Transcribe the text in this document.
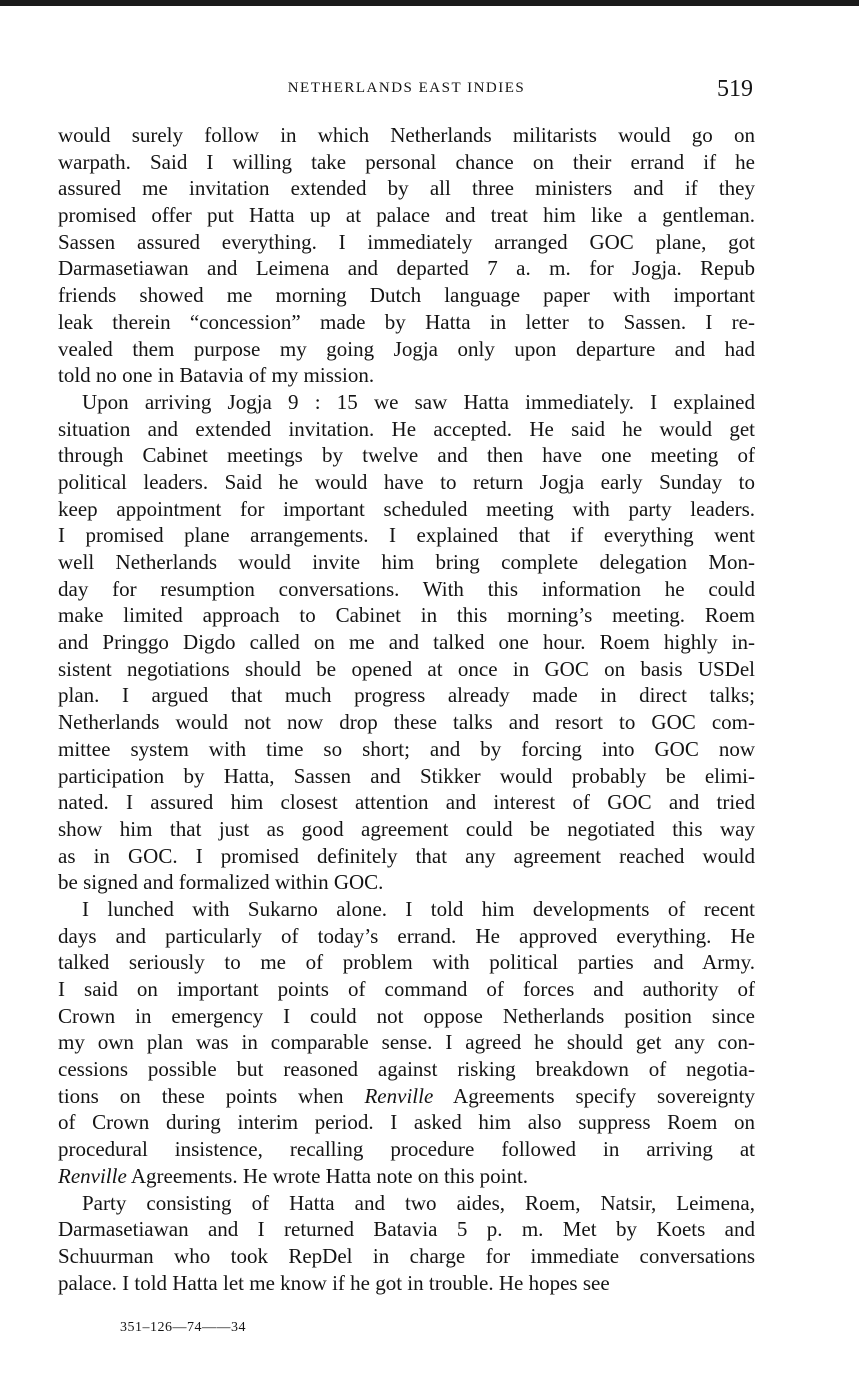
NETHERLANDS EAST INDIES	519
would surely follow in which Netherlands militarists would go on
warpath. Said I willing take personal chance on their errand if he
assured me invitation extended by all three ministers and if they
promised offer put Hatta up at palace and treat him like a gentleman.
Sassen assured everything. I immediately arranged GOC plane, got
Darmasetiawan and Leimena and departed 7 a. m. for Jogja. Repub
friends showed me morning Dutch language paper with important
leak therein “concession” made by Hatta in letter to Sassen. I re-
vealed them purpose my going Jogja only upon departure and had
told no one in Batavia of my mission.
Upon arriving Jogja 9 : 15 we saw Hatta immediately. I explained
situation and extended invitation. He accepted. He said he would get
through Cabinet meetings by twelve and then have one meeting of
political leaders. Said he would have to return Jogja early Sunday to
keep appointment for important scheduled meeting with party leaders.
I promised plane arrangements. I explained that if everything went
well Netherlands would invite him bring complete delegation Mon-
day for resumption conversations. With this information he could
make limited approach to Cabinet in this morning’s meeting. Roem
and Pringgo Digdo called on me and talked one hour. Roem highly in-
sistent negotiations should be opened at once in GOC on basis USDel
plan. I argued that much progress already made in direct talks;
Netherlands would not now drop these talks and resort to GOC com-
mittee system with time so short; and by forcing into GOC now
participation by Hatta, Sassen and Stikker would probably be elimi-
nated. I assured him closest attention and interest of GOC and tried
show him that just as good agreement could be negotiated this way
as in GOC. I promised definitely that any agreement reached would
be signed and formalized within GOC.
I lunched with Sukarno alone. I told him developments of recent
days and particularly of today’s errand. He approved everything. He
talked seriously to me of problem with political parties and Army.
I said on important points of command of forces and authority of
Crown in emergency I could not oppose Netherlands position since
my own plan was in comparable sense. I agreed he should get any con-
cessions possible but reasoned against risking breakdown of negotia-
tions on these points when Renville Agreements specify sovereignty
of Crown during interim period. I asked him also suppress Roem on
procedural insistence, recalling procedure followed in arriving at
Renville Agreements. He wrote Hatta note on this point.
Party consisting of Hatta and two aides, Roem, Natsir, Leimena,
Darmasetiawan and I returned Batavia 5 p. m. Met by Koets and
Schuurman who took RepDel in charge for immediate conversations
palace. I told Hatta let me know if he got in trouble. He hopes see
351–126—74——34
